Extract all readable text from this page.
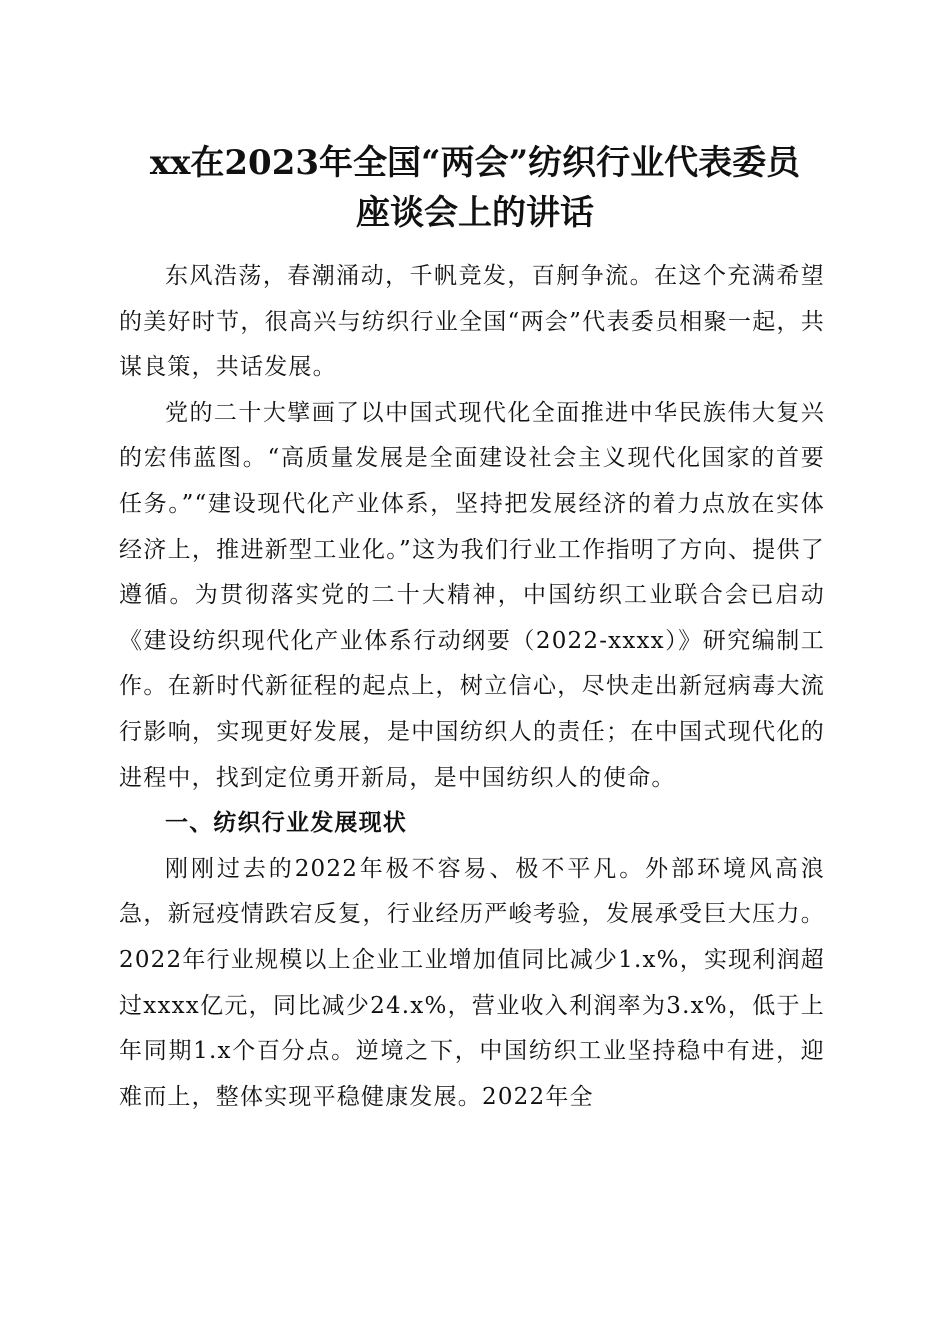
xx在2023年全国“两会”纺织行业代表委员
座谈会上的讲话

东风浩荡，春潮涌动，千帆竞发，百舸争流。在这个充满希望的美好时节，很高兴与纺织行业全国“两会”代表委员相聚一起，共谋良策，共话发展。

党的二十大擘画了以中国式现代化全面推进中华民族伟大复兴的宏伟蓝图。“高质量发展是全面建设社会主义现代化国家的首要任务。”“建设现代化产业体系，坚持把发展经济的着力点放在实体经济上，推进新型工业化。”这为我们行业工作指明了方向、提供了遵循。为贯彻落实党的二十大精神，中国纺织工业联合会已启动《建设纺织现代化产业体系行动纲要（2022-xxxx）》研究编制工作。在新时代新征程的起点上，树立信心，尽快走出新冠病毒大流行影响，实现更好发展，是中国纺织人的责任；在中国式现代化的进程中，找到定位勇开新局，是中国纺织人的使命。

一、纺织行业发展现状

刚刚过去的2022年极不容易、极不平凡。外部环境风高浪急，新冠疫情跌宕反复，行业经历严峻考验，发展承受巨大压力。2022年行业规模以上企业工业增加值同比减少1.x%，实现利润超过xxxx亿元，同比减少24.x%，营业收入利润率为3.x%，低于上年同期1.x个百分点。逆境之下，中国纺织工业坚持稳中有进，迎难而上，整体实现平稳健康发展。2022年全
